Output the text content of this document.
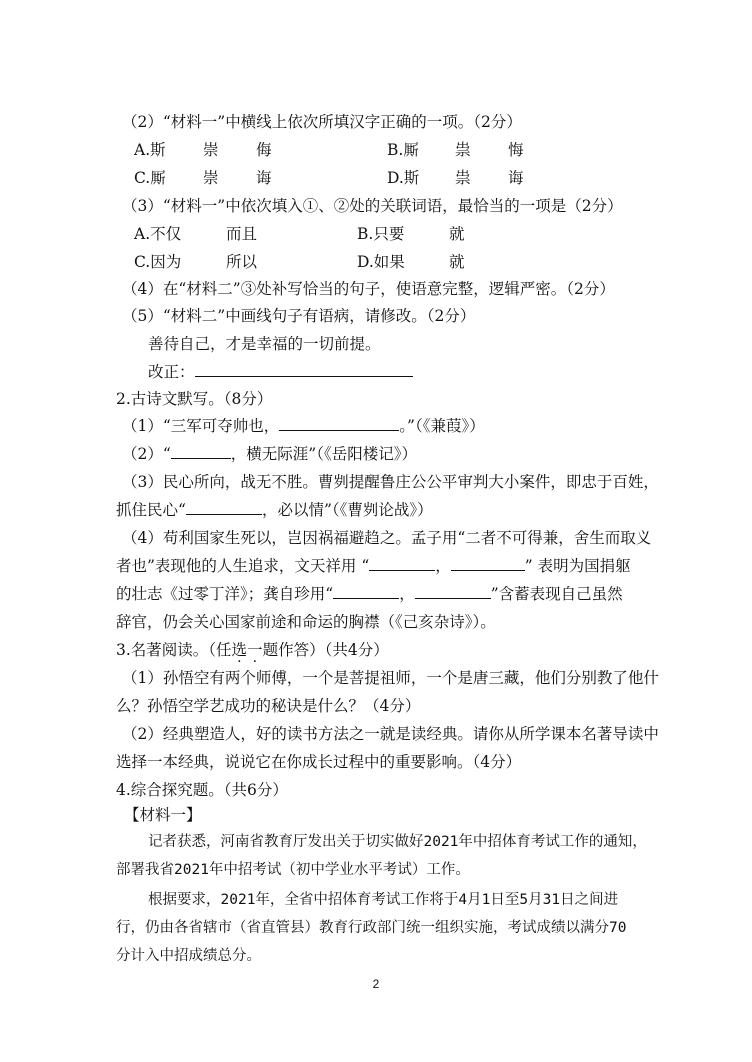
（2）“材料一”中横线上依次所填汉字正确的一项。（2分）
A.斯 崇 侮	B.厮 祟 悔
C.厮 崇 诲	D.斯 祟 诲
（3）“材料一”中依次填入①、②处的关联词语，最恰当的一项是（2分）
A.不仅	而且	B.只要	就
C.因为	所以	D.如果	就
（4）在“材料二”③处补写恰当的句子，使语意完整，逻辑严密。（2分）
（5）“材料二”中画线句子有语病，请修改。（2分）
善待自己，才是幸福的一切前提。
改正：
2.古诗文默写。（8分）
（1）“三军可夺帅也，	。”（《兼葭》）
（2）“	，横无际涯”（《岳阳楼记》）
（3）民心所向，战无不胜。曹刿提醒鲁庄公公平审判大小案件，即忠于百姓，
抓住民心“	，必以情”（《曹刿论战》）
（4）苟利国家生死以，岂因祸福避趋之。孟子用“二者不可得兼，舍生而取义
者也”表现他的人生追求，文天祥用 “	，	” 表明为国捐躯
的壮志《过零丁洋》；龚自珍用“	，	”含蓄表现自己虽然
辞官，仍会关心国家前途和命运的胸襟（《己亥杂诗》）。
3.名著阅读。（任选一题作答）（共4分）
（1）孙悟空有两个师傅，一个是菩提祖师，一个是唐三藏，他们分别教了他什
么？孙悟空学艺成功的秘诀是什么？（4分）
（2）经典塑造人，好的读书方法之一就是读经典。请你从所学课本名著导读中
选择一本经典，说说它在你成长过程中的重要影响。（4分）
4.综合探究题。（共6分）
【材料一】
记者获悉，河南省教育厅发出关于切实做好2021年中招体育考试工作的通知，
部署我省2021年中招考试（初中学业水平考试）工作。
根据要求，2021年，全省中招体育考试工作将于4月1日至5月31日之间进
行，仍由各省辖市（省直管县）教育行政部门统一组织实施，考试成绩以满分70
分计入中招成绩总分。
2
